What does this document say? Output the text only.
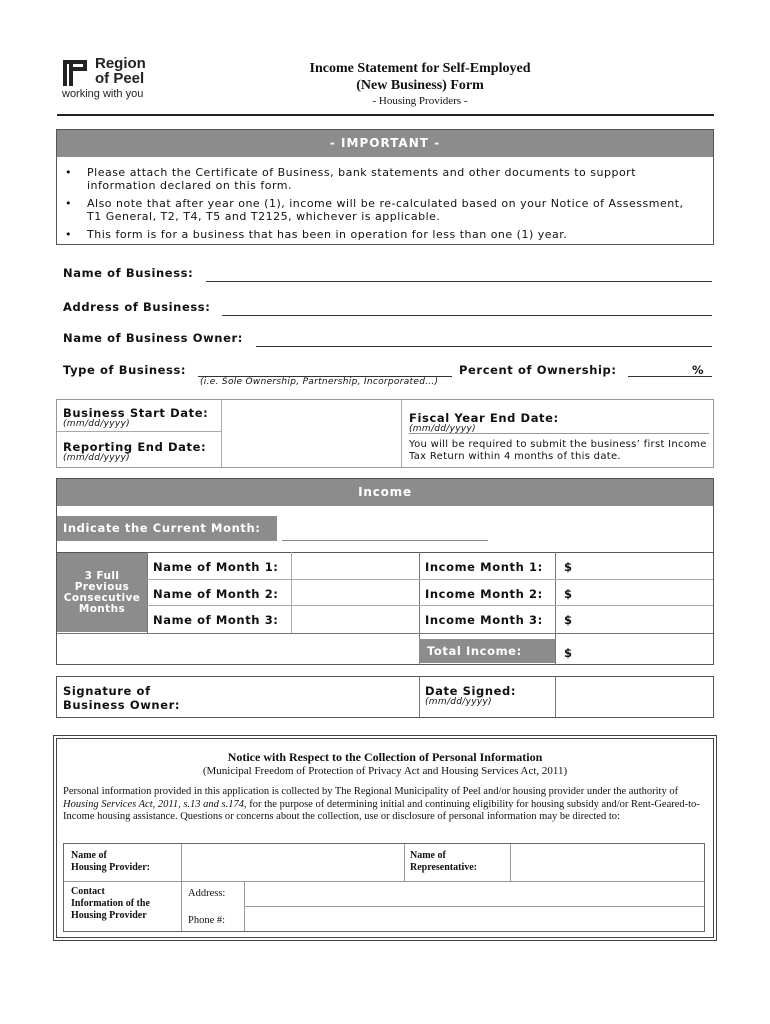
Region
of Peel
working with you
Income Statement for Self-Employed
(New Business) Form
- Housing Providers -
- IMPORTANT -
• Please attach the Certificate of Business, bank statements and other documents to support information declared on this form.
• Also note that after year one (1), income will be re-calculated based on your Notice of Assessment, T1 General, T2, T4, T5 and T2125, whichever is applicable.
• This form is for a business that has been in operation for less than one (1) year.
Name of Business:
Address of Business:
Name of Business Owner:
Type of Business:
(i.e. Sole Ownership, Partnership, Incorporated…)
Percent of Ownership:	%
Business Start Date:
(mm/dd/yyyy)
Reporting End Date:
(mm/dd/yyyy)
Fiscal Year End Date:
(mm/dd/yyyy)
You will be required to submit the business’ first Income Tax Return within 4 months of this date.
Income
Indicate the Current Month:
3 Full Previous Consecutive Months
Name of Month 1:	Income Month 1: $
Name of Month 2:	Income Month 2: $
Name of Month 3:	Income Month 3: $
Total Income:	$
Signature of
Business Owner:
Date Signed:
(mm/dd/yyyy)
Notice with Respect to the Collection of Personal Information
(Municipal Freedom of Protection of Privacy Act and Housing Services Act, 2011)
Personal information provided in this application is collected by The Regional Municipality of Peel and/or housing provider under the authority of Housing Services Act, 2011, s.13 and s.174, for the purpose of determining initial and continuing eligibility for housing subsidy and/or Rent-Geared-to-Income housing assistance. Questions or concerns about the collection, use or disclosure of personal information may be directed to:
Name of
Housing Provider:
Name of
Representative:
Contact
Information of the
Housing Provider
Address:
Phone #:
